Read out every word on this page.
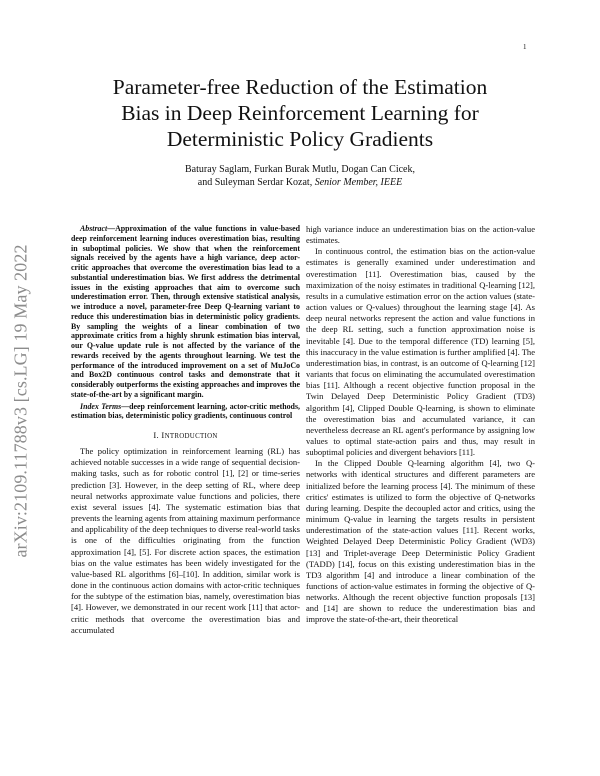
1
arXiv:2109.11788v3 [cs.LG] 19 May 2022
Parameter-free Reduction of the Estimation
Bias in Deep Reinforcement Learning for
Deterministic Policy Gradients
Baturay Saglam, Furkan Burak Mutlu, Dogan Can Cicek,
and Suleyman Serdar Kozat, Senior Member, IEEE

Abstract—Approximation of the value functions in value-based deep reinforcement learning induces overestimation bias, resulting in suboptimal policies. We show that when the reinforcement signals received by the agents have a high variance, deep actor-critic approaches that overcome the overestimation bias lead to a substantial underestimation bias. We first address the detrimental issues in the existing approaches that aim to overcome such underestimation error. Then, through extensive statistical analysis, we introduce a novel, parameter-free Deep Q-learning variant to reduce this underestimation bias in deterministic policy gradients. By sampling the weights of a linear combination of two approximate critics from a highly shrunk estimation bias interval, our Q-value update rule is not affected by the variance of the rewards received by the agents throughout learning. We test the performance of the introduced improvement on a set of MuJoCo and Box2D continuous control tasks and demonstrate that it considerably outperforms the existing approaches and improves the state-of-the-art by a significant margin.

Index Terms—deep reinforcement learning, actor-critic methods, estimation bias, deterministic policy gradients, continuous control

I. INTRODUCTION

The policy optimization in reinforcement learning (RL) has achieved notable successes in a wide range of sequential decision-making tasks, such as for robotic control [1], [2] or time-series prediction [3]. However, in the deep setting of RL, where deep neural networks approximate value functions and policies, there exist several issues [4]. The systematic estimation bias that prevents the learning agents from attaining maximum performance and applicability of the deep techniques to diverse real-world tasks is one of the difficulties originating from the function approximation [4], [5]. For discrete action spaces, the estimation bias on the value estimates has been widely investigated for the value-based RL algorithms [6]–[10]. In addition, similar work is done in the continuous action domains with actor-critic techniques for the subtype of the estimation bias, namely, overestimation bias [4]. However, we demonstrated in our recent work [11] that actor-critic methods that overcome the overestimation bias and accumulated

high variance induce an underestimation bias on the action-value estimates.

In continuous control, the estimation bias on the action-value estimates is generally examined under underestimation and overestimation [11]. Overestimation bias, caused by the maximization of the noisy estimates in traditional Q-learning [12], results in a cumulative estimation error on the action values (state-action values or Q-values) throughout the learning stage [4]. As deep neural networks represent the action and value functions in the deep RL setting, such a function approximation noise is inevitable [4]. Due to the temporal difference (TD) learning [5], this inaccuracy in the value estimation is further amplified [4]. The underestimation bias, in contrast, is an outcome of Q-learning [12] variants that focus on eliminating the accumulated overestimation bias [11]. Although a recent objective function proposal in the Twin Delayed Deep Deterministic Policy Gradient (TD3) algorithm [4], Clipped Double Q-learning, is shown to eliminate the overestimation bias and accumulated variance, it can nevertheless decrease an RL agent's performance by assigning low values to optimal state-action pairs and thus, may result in suboptimal policies and divergent behaviors [11].

In the Clipped Double Q-learning algorithm [4], two Q-networks with identical structures and different parameters are initialized before the learning process [4]. The minimum of these critics' estimates is utilized to form the objective of Q-networks during learning. Despite the decoupled actor and critics, using the minimum Q-value in learning the targets results in persistent underestimation of the state-action values [11]. Recent works, Weighted Delayed Deep Deterministic Policy Gradient (WD3) [13] and Triplet-average Deep Deterministic Policy Gradient (TADD) [14], focus on this existing underestimation bias in the TD3 algorithm [4] and introduce a linear combination of the functions of action-value estimates in forming the objective of Q-networks. Although the recent objective function proposals [13] and [14] are shown to reduce the underestimation bias and improve the state-of-the-art, their theoretical
